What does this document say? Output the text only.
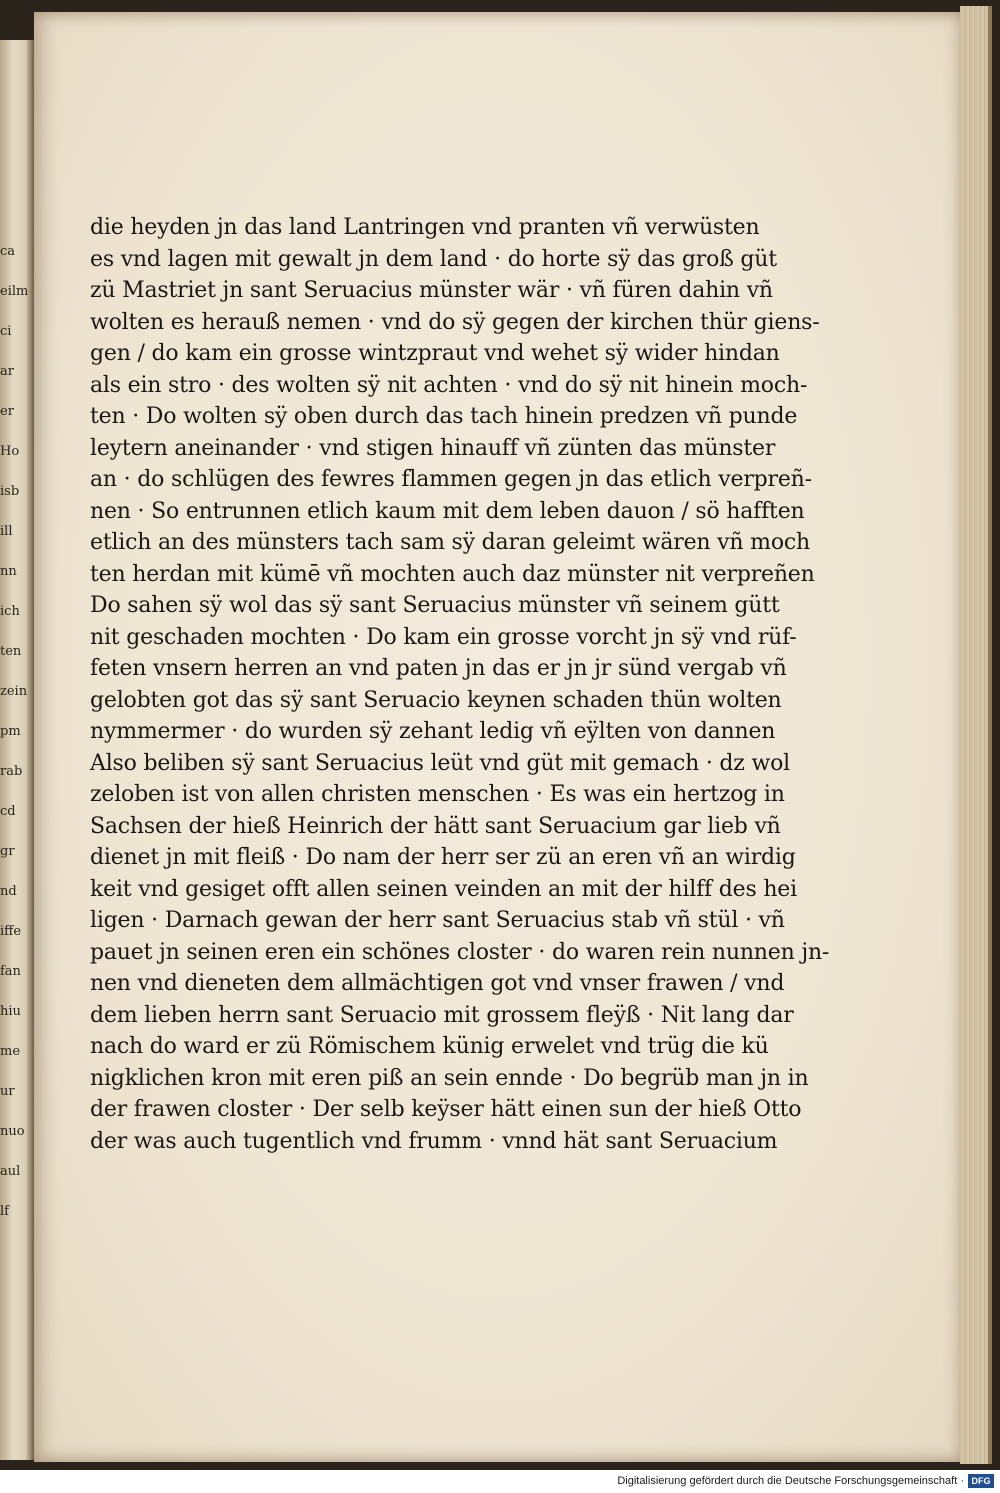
ca
eilm
ci
ar
er
Ho
isb
ill
nn
ich
ten
zein
pm
rab
cd
gr
nd
iffe
fan
hiu
me
ur
nuo
aul
lf
die heyden jn das land Lantringen vnd pranten vñ verwüsten
es vnd lagen mit gewalt jn dem land · do horte sÿ das groß güt
zü Mastriet jn sant Seruacius münster wär · vñ füren dahin vñ
wolten es herauß nemen · vnd do sÿ gegen der kirchen thür giens-
gen / do kam ein grosse wintzpraut vnd wehet sÿ wider hindan
als ein stro · des wolten sÿ nit achten · vnd do sÿ nit hinein moch-
ten · Do wolten sÿ oben durch das tach hinein predzen vñ punde
leytern aneinander · vnd stigen hinauff vñ zünten das münster
an · do schlügen des fewres flammen gegen jn das etlich verpreñ-
nen · So entrunnen etlich kaum mit dem leben dauon / sö hafften
etlich an des münsters tach sam sÿ daran geleimt wären vñ moch
ten herdan mit kümē vñ mochten auch daz münster nit verpreñen
Do sahen sÿ wol das sÿ sant Seruacius münster vñ seinem gütt
nit geschaden mochten · Do kam ein grosse vorcht jn sÿ vnd rüf-
feten vnsern herren an vnd paten jn das er jn jr sünd vergab vñ
gelobten got das sÿ sant Seruacio keynen schaden thün wolten
nymmermer · do wurden sÿ zehant ledig vñ eÿlten von dannen
Also beliben sÿ sant Seruacius leüt vnd güt mit gemach · dz wol
zeloben ist von allen christen menschen · Es was ein hertzog in
Sachsen der hieß Heinrich der hätt sant Seruacium gar lieb vñ
dienet jn mit fleiß · Do nam der herr ser zü an eren vñ an wirdig
keit vnd gesiget offt allen seinen veinden an mit der hilff des hei
ligen · Darnach gewan der herr sant Seruacius stab vñ stül · vñ
pauet jn seinen eren ein schönes closter · do waren rein nunnen jn-
nen vnd dieneten dem allmächtigen got vnd vnser frawen / vnd
dem lieben herrn sant Seruacio mit grossem fleÿß · Nit lang dar
nach do ward er zü Römischem künig erwelet vnd trüg die kü
nigklichen kron mit eren piß an sein ennde · Do begrüb man jn in
der frawen closter · Der selb keÿser hätt einen sun der hieß Otto
der was auch tugentlich vnd frumm · vnnd hät sant Seruacium
Digitalisierung gefördert durch die Deutsche Forschungsgemeinschaft · DFG
